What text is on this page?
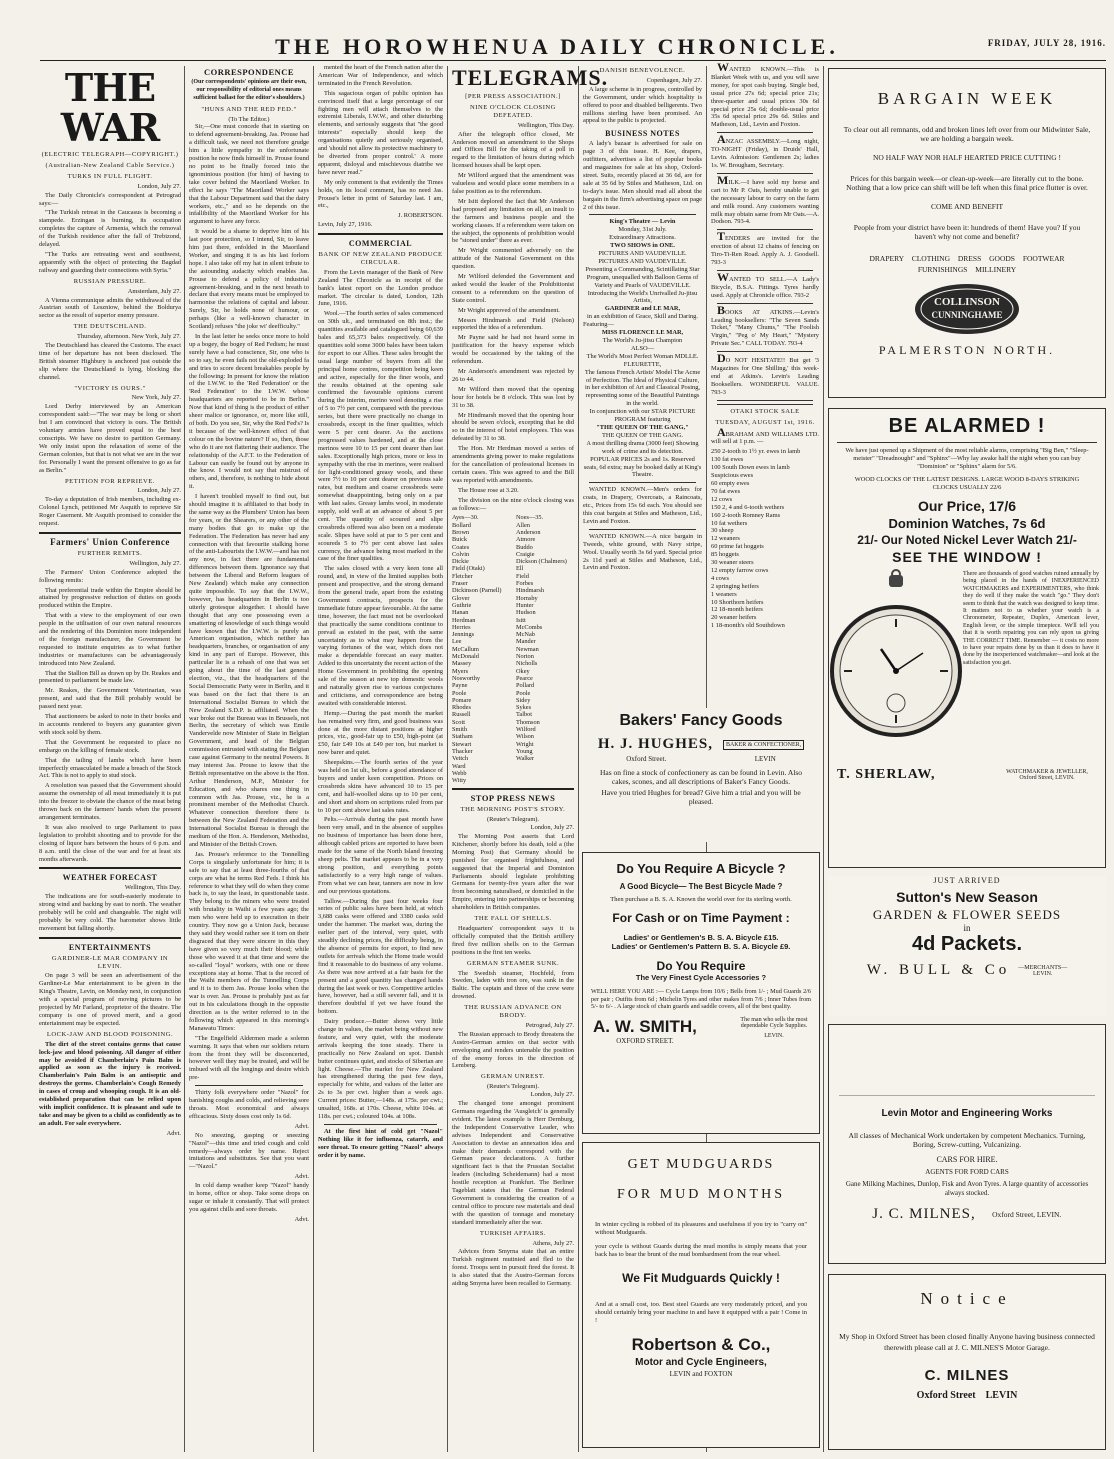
THE HOROWHENUA DAILY CHRONICLE.	FRIDAY, JULY 28, 1916.
THE WAR
(ELECTRIC TELEGRAPH—COPYRIGHT.)
(Australian-New Zealand Cable Service.)
TURKS IN FULL FLIGHT.
London, July 27.

The Daily Chronicle's correspondent at Petrograd says:—

"The Turkish retreat in the Caucasus is becoming a stampede. Erzingan is burning, its occupation completes the capture of Armenia, which the removal of the Turkish residence after the fall of Trebizond, delayed.

"The Turks are retreating west and southwest, apparently with the object of protecting the Bagdad railway and guarding their connections with Syria."

RUSSIAN PRESSURE.
Amsterdam, July 27.

A Vienna communique admits the withdrawal of the Austrian south of Leszniow, behind the Boldurya sector as the result of superior enemy pressure.

THE DEUTSCHLAND.
Thursday, afternoon. New York, July 27.

The Deutschland has cleared the Customs. The exact time of her departure has not been disclosed. The British steamer Highbury is anchored just outside the slip where the Deutschland is lying, blocking the channel.

"VICTORY IS OURS."
New York, July 27.

Lord Derby interviewed by an American correspondent said:—"The war may be long or short but I am convinced that victory is ours. The British voluntary armies have proved equal to the best conscripts. We have no desire to partition Germany. We only insist upon the relaxation of some of the German colonies, but that is not what we are in the war for. Personally I want the present offensive to go as far as Berlin."

PETITION FOR REPRIEVE.
London, July 27.

To-day a deputation of Irish members, including ex-Colonel Lynch, petitioned Mr Asquith to reprieve Sir Roger Casement. Mr Asquith promised to consider the request.

Farmers' Union Conference
FURTHER REMITS.
Wellington, July 27.

The Farmers' Union Conference adopted the following remits:

That preferential trade within the Empire should be attained by progressive reduction of duties on goods produced within the Empire.

That with a view to the employment of our own people in the utilisation of our own natural resources and the rendering of this Dominion more independent of the foreign manufacturer, the Government be requested to institute enquiries as to what further industries or manufactures can be advantageously introduced into New Zealand.

That the Stallion Bill as drawn up by Dr. Reakes and presented to parliament be made law.

Mr. Reakes, the Government Veterinarian, was present, and said that the Bill probably would be passed next year.

That auctioneers be asked to note in their books and in accounts rendered to buyers any guarantee given with stock sold by them.

That the Government be requested to place no embargo on the killing of female stock.

That the tailing of lambs which have been imperfectly emasculated be made a breach of the Stock Act. This is not to apply to stud stock.

A resolution was passed that the Government should assume the ownership of all meat immediately it is put into the freezer to obviate the chance of the meat being thrown back on the farmers' hands when the present arrangement terminates.

It was also resolved to urge Parliament to pass legislation to prohibit shooting and to provide for the closing of liquor bars between the hours of 6 p.m. and 8 a.m. until the close of the war and for at least six months afterwards.

WEATHER FORECAST
Wellington, This Day.

The indications are for south-easterly moderate to strong wind and backing by east to north. The weather probably will be cold and changeable. The night will probably be very cold. The barometer shows little movement but falling shortly.

ENTERTAINMENTS
GARDINER-LE MAR COMPANY IN LEVIN.

On page 3 will be seen an advertisement of the Gardiner-Le Mar entertainment to be given in the King's Theatre, Levin, on Monday next, in conjunction with a special program of moving pictures to be projected by Mr Farland, proprietor of the theatre. The company is one of proved merit, and a good entertainment may be expected.

LOCK-JAW AND BLOOD POISONING.

The dirt of the street contains germs that cause lock-jaw and blood poisoning. All danger of either may be avoided if Chamberlain's Pain Balm is applied as soon as the injury is received. Chamberlain's Pain Balm is an antiseptic and destroys the germs. Chamberlain's Cough Remedy in cases of croup and whooping cough. It is an old-established preparation that can be relied upon with implicit confidence. It is pleasant and safe to take and may be given to a child as confidently as to an adult. For sale everywhere.

Advt.
CORRESPONDENCE
(Our correspondents' opinions are their own, our responsibility of editorial ones means sufficient ballast for the editor's shoulders.)
"HUNS AND THE RED FED."
(To The Editor.)

Sir,—One must concede that in starting on to defend agreement-breaking, Jas. Prouse had a difficult task, we need not therefore grudge him a little sympathy in the unfortunate position he now finds himself in. Prouse found no point to be finally forced into the ignominious position (for him) of having to take cover behind the Maoriland Worker. In effect he says "The Maoriland Worker says that the Labour Department said that the dairy workers, etc.," and so he depends on the infallibility of the Maoriland Worker for his argument to have any force.

It would be a shame to deprive him of his last poor protection, so I intend, Sir, to leave him just there, enfolded in the Maoriland Worker, and singing it is as his last forlorn hope. I also take off my hat in silent tribute to the astounding audacity which enables Jas. Prouse to defend a policy of industrial agreement-breaking, and in the next breath to declare that every means must be employed to harmonise the relations of capital and labour. Surely, Sir, he holds none of humour, or perhaps (like a well-known character in Scotland) refuses "the joke wi' deefficulty."

In the last letter he seeks once more to hold up a bogey, the bogey of Red Fedism; he must surely have a bad conscience, Sir, one who is so to say, he even fails not the old-exploded fa and tries to score decent breakables people by the following: In present for know the relation of the I.W.W. to the 'Red Federation' or the 'Red Federation' to the I.W.W. whose headquarters are reported to be in Berlin." Now that kind of thing is the product of either sheer malice or ignorance, or, more like still, of both. Do you see, Sir, why the Red Fed's? Is it because of the well-known effect of that colour on the bovine nature? If so, then, those who do it are not flattering their audience. The relationship of the A.F.T. to the Federation of Labour can easily be found out by anyone in the know. I would not say that mistrust of others, and, therefore, is nothing to hide about it.

I haven't troubled myself to find out, but should imagine it is affiliated to that body in the same way as the Plumbers' Union has been for years, or the Shearers, or any other of the many bodies that go to make up the Federation. The Federation has never had any connection with that favourite stalking horse of the anti-Labourists the I.W.W.—and has not any now, in fact there are fundamental differences between them. Ignorance say that between the Liberal and Reform leagues of New Zealand) which make any connection quite impossible. To say that the I.W.W., however, has headquarters in Berlin is too utterly grotesque altogether. I should have thought that any one possessing even a smattering of knowledge of such things would have known that the I.W.W. is purely an American organisation, which neither has headquarters, branches, or organisation of any kind in any part of Europe. However, this particular lie is a rehash of one that was set going about the time of the last general election, viz., that the headquarters of the Social Democratic Party were in Berlin, and it was based on the fact that there is an International Socialist Bureau to which the New Zealand S.D.P. is affiliated. When the war broke out the Bureau was in Brussels, not Berlin, the secretary of which was Emile Vandervelde now Minister of State in Belgian Government, and head of the Belgian commission entrusted with stating the Belgian case against Germany to the neutral Powers. It may interest Jas. Prouse to know that the British representative on the above is the Hon. Arthur Henderson, M.P., Minister for Education, and who shares one thing in common with Jas. Prouse, viz., he is a prominent member of the Methodist Church. Whatever connection therefore there is between the New Zealand Federation and the International Socialist Bureau is through the medium of the Hon. A. Henderson, Methodist, and Minister of the British Crown.

Jas. Prouse's reference to the Tonnelling Corps is singularly unfortunate for him; it is safe to say that at least three-fourths of that corps are what he terms Red Feds. I think his reference to what they will do when they come back is, to say the least, in questionable taste. They belong to the miners who were treated with brutality in Waihi a few years ago; the men who were held up to execration in their country. They now go a Union Jack, because they said they would rather see it torn on their disgraced that they were sincere in this they have given so very much their blood; while those who waved it at that time and were the so-called "loyal" workers, with one or three exceptions stay at home. That is the record of the Waihi members of the Tunnelling Corps and it is to them Jas. Prouse looks when the war is over. Jas. Prouse is probably just as far out in his calculations though in the opposite direction as is the writer referred to in the following which appeared in this morning's Manawatu Times:

"The Engelfield Aldermen made a solemn warning. It says that when our soldiers return from the front they will be disconcerted, however well they may be treated, and will be imbued with all the longings and desire which pre-

Thirty folk everywhere order "Nazol" for banishing coughs and colds, and relieving sore throats. Most economical and always efficacious. Sixty doses cost only 1s 6d.

Advt.

No sneezing, gasping or sneezing "Nazol"—this time and tried cough and cold remedy—always order by name. Reject imitations and substitutes. See that you want—"Nazol."

Advt.

In cold damp weather keep "Nazol" handy in home, office or shop. Take some drops on sugar or inhale it constantly. That will protect you against chills and sore throats.

Advt.

mented the heart of the French nation after the American War of Independence, and which terminated in the French Revolution.

This sagacious organ of public opinion has convinced itself that a large percentage of our fighting men will attach themselves to the extremist Liberals, I.W.W., and other disturbing elements, and seriously suggests that "the good interests" especially should keep the organisations quietly and seriously organised, and 'should not allow its protective machinery to be diverted from proper control.' A more apparent, disloyal and mischievous diatribe we have never read."

My only comment is that evidently the Times holds, on its local comment, has no need Jas. Prouse's letter in print of Saturday last. I am, etc.,

J. ROBERTSON.
Levin, July 27, 1916.
COMMERCIAL
BANK OF NEW ZEALAND PRODUCE CIRCULAR.

From the Levin manager of the Bank of New Zealand The Chronicle as in receipt of the bank's latest report on the London produce market. The circular is dated, London, 12th June, 1916.

Wool.—The fourth series of sales commenced on 30th ult., and terminated on 8th inst.; the quantities available and catalogued being 60,639 bales and 65,373 bales respectively. Of the quantities sold some 3000 bales have been taken for export to our Allies. These sales brought the usual large number of buyers from all the principal home centres, competition being keen and active, especially for the finer wools, and the results obtained at the opening sale confirmed the favourable opinions current during the interim, merino wool denoting a rise of 5 to 7½ per cent, compared with the previous series, but there were practically no change in crossbreds, except in the finer qualities, which were 5 per cent dearer. As the auctions progressed values hardened, and at the close merinos were 10 to 15 per cent dearer than last sales. Exceptionally high prices, more or less in sympathy with the rise in merinos, were realised for light-conditioned greasy wools, and these were 7½ to 10 per cent dearer on previous sale rates, but medium and coarse crossbreds were somewhat disappointing, being only on a par with last sales. Greasy lambs wool, in moderate supply, sold well at an advance of about 5 per cent. The quantity of scoured and slipe crossbreds offered was also been on a moderate scale. Slipes have sold at par to 5 per cent and scoureds 5 to 7½ per cent above last sales currency, the advance being most marked in the case of the finer qualities.

The sales closed with a very keen tone all round, and, in view of the limited supplies both present and prospective, and the strong demand from the general trade, apart from the existing Government contracts, prospects for the immediate future appear favourable. At the same time, however, the fact must not be overlooked that practically the same conditions continue to prevail as existed in the past, with the same uncertainty as to what may happen from the varying fortunes of the war, which does not make a dependable forecast an easy matter. Added to this uncertainty the recent action of the Home Government in prohibiting the opening sale of the season at new top domestic wools and naturally given rise to various conjectures and criticisms, and correspondence are being awaited with considerable interest.

Hemp.—During the past month the market has remained very firm, and good business was done at the more distant positions at higher prices, viz., good-fair up to £50, high-point (at £50, fair £49 10s at £49 per ton, but market is now barer and quiet.

Sheepskins.—The fourth series of the year was held on 1st ult., before a good attendance of buyers and under keen competition. Prices on crossbreds skins have advanced 10 to 15 per cent, and half-woolled skins up to 10 per cent, and short and shorn on scriptions ruled from par to 10 per cent above last sales rates.

Pelts.—Arrivals during the past month have been very small, and in the absence of supplies no business of importance has been done here, although cabled prices are reported to have been made for the same of the North Island freezing sheep pelts. The market appears to be in a very strong position, and everything points satisfactorily to a very high range of values. From what we can hear, tanners are now in low and our previous quotations.

Tallow.—During the past four weeks four series of public sales have been held, at which 3,688 casks were offered and 3380 casks sold under the hammer. The market was, during the earlier part of the interval, very quiet, with steadily declining prices, the difficulty being, in the absence of permits for export, to find new outlets for arrivals which the Home trade would find it reasonable to do business of any volume. As there was now arrived at a fair basis for the present and a good quantity has changed hands during the last week or two. Competitive articles have, however, had a still severer fall, and it is therefore doubtful if yet we have found the bottom.

Dairy produce.—Butter shows very little change in values, the market being without new feature, and very quiet, with the moderate arrivals keeping the tone steady. There is practically no New Zealand on spot. Danish butter continues quiet, and stocks of Siberian are light. Cheese.—The market for New Zealand has strengthened during the past few days, especially for white, and values of the latter are 2s to 3s per cwt. higher than a week ago. Current prices: Butter,—148s. at 175s. per cwt.; unsalted, 168s. at 170s. Cheese, white 104s. at 118s. per cwt.; coloured 104s. at 108s.

At the first hint of cold get "Nazol" Nothing like it for influenza, catarrh, and sore throat. To ensure getting "Nazol" always order it by name.

TELEGRAMS.
[PER PRESS ASSOCIATION.]
NINE O'CLOCK CLOSING DEFEATED.
Wellington, This Day.

After the telegraph office closed, Mr Anderson moved an amendment to the Shops and Offices Bill for the taking of a poll in regard to the limitation of hours during which licensed houses shall be kept open.

Mr Wilford argued that the amendment was valueless and would place some members in a false position as to the referendum.

Mr Isitt deplored the fact that Mr Anderson had proposed any limitation on all, an insult to the farmers and business people and the working classes. If a referendum were taken on the subject, the opponents of prohibition would be "stoned under" there as ever.

Mr Wright commented adversely on the attitude of the National Government on this question.

Mr Wilford defended the Government and asked would the leader of the Prohibitionist consent to a referendum on the question of State control.

Mr Wright approved of the amendment.

Messrs Hindmarsh and Field (Nelson) supported the idea of a referendum.

Mr Payne said he had not heard some in justification for the heavy expense which would be occasioned by the taking of the referendum.

Mr Anderson's amendment was rejected by 26 to 44.

Mr Wilford then moved that the opening hour for hotels be 8 o'clock. This was lost by 31 to 38.

Mr Hindmarsh moved that the opening hour should be seven o'clock, excepting that he did so in the interest of hotel employees. This was defeated by 31 to 38.

The Hon. Mr Herdman moved a series of amendments giving power to make regulations for the cancellation of professional licenses in certain cases. This was agreed to and the Bill was reported with amendments.

The House rose at 3.20.

The division on the nine o'clock closing was as follows:—

Ayes—30.
Bollard
Brown
Buick
Coates
Colvin
Dickie
Field (Otaki)
Fletcher
Fraser
Dickinson (Parnell)
Glover
Guthrie
Hanan
Herdman
Herries
Jennings
Lee
McCallum
McDonald
Massey
Myers
Nosworthy
Payne
Poole
Pomare
Rhodes
Russell
Scott
Smith
Statham
Stewart
Thacker
Veitch
Ward
Webb
Witty
Noes—35.
Allen
Anderson
Atmore
Buddo
Craigie
Dickson (Chalmers)
Ell
Field
Forbes
Hindmarsh
Hornsby
Hunter
Hudson
Isitt
McCombs
McNab
Mander
Newman
Norton
Nicholls
Okey
Pearce
Pollard
Poole
Sidey
Sykes
Talbot
Thomson
Wilford
Wilson
Wright
Young
Walker
STOP PRESS NEWS
THE MORNING POST'S STORY.
(Reuter's Telegram).
London, July 27.

The Morning Post asserts that Lord Kitchener, shortly before his death, told a (the Morning Post) that Germany should be punished for organised frightfulness, and suggested that the Imperial and Dominion Parliaments should legislate prohibiting Germans for twenty-five years after the war from becoming naturalised, or domiciled in the Empire, entering into partnerships or becoming shareholders in British companies.

THE FALL OF SHELLS.

Headquarters' correspondent says it is officially computed that the British artillery fired five million shells on to the German positions in the first ten weeks.

GERMAN STEAMER SUNK.

The Swedish steamer, Hochfeld, from Sweden, laden with iron ore, was sunk in the Baltic. The captain and three of the crew were drowned.

THE RUSSIAN ADVANCE ON BRODY.
Petrograd, July 27.

The Russian approach to Brody threatens the Austro-German armies on that sector with enveloping and renders untenable the position of the enemy forces in the direction of Lemberg.

GERMAN UNREST.
(Reuter's Telegram).
London, July 27.

The changed tone amongst prominent Germans regarding the 'Ausgleich' is generally evident. The latest example is Herr Dernburg, the Independent Conservative Leader, who advises Independent and Conservative Association to devise an annexation idea and make their demands correspond with the German peace declarations. A further significant fact is that the Prussian Socialist leaders (including Scheidemann) had a most hostile reception at Frankfurt. The Berliner Tageblatt states that the German Federal Government is considering the creation of a central office to procure raw materials and deal with the question of tonnage and monetary standard immediately after the war.

TURKISH AFFAIRS.
Athens, July 27.

Advices from Smyrna state that an entire Turkish regiment mutinied and fled to the forest. Troops sent in pursuit fired the forest. It is also stated that the Austro-German forces aiding Smyrna have been recalled to Germany.

DANISH BENEVOLENCE.
Copenhagen, July 27.

A large scheme is in progress, controlled by the Government, under which hospitality is offered to poor and disabled belligerents. Two millions sterling have been promised. An appeal to the public is projected.

BUSINESS NOTES

A lady's bazaar is advertised for sale on page 3 of this issue. H. Kee, drapers, outfitters, advertises a list of popular books and magazines for sale at his shop, Oxford-street. Suits, recently placed at 36 6d, are for sale at 35 6d by Stiles and Matheson, Ltd. on to-day's issue. Men should read all about the bargain in the firm's advertising space on page 2 of this issue.

King's Theatre — Levin
Monday, 31st July.
Extraordinary Attractions.
TWO SHOWS in ONE.
PICTURES AND VAUDEVILLE.
PICTURES AND VAUDEVILLE.
Presenting a Commanding, Scintillating Star Program, unequalled with Balloon Gems of Variety and Pearls of VAUDEVILLE.
Introducing the World's Unrivalled Ju-jitsu Artists,
GARDINER and LE MAR,
in an exhibition of Grace, Skill and Daring.
Featuring—
MISS FLORENCE LE MAR,
The World's Ju-jitsu Champion
ALSO—
The World's Most Perfect Woman MDLLE. FLEURETTE,
The famous French Artists' Model The Acme of Perfection. The Ideal of Physical Culture, in her exhibition of Art and Classical Posing, representing some of the Beautiful Paintings in the world.
In conjunction with our STAR PICTURE PROGRAM featuring
"THE QUEEN OF THE GANG,"
THE QUEEN OF THE GANG.
A most thrilling drama (3000 feet) Showing work of crime and its detection.
POPULAR PRICES 2s and 1s. Reserved seats, 6d extra; may be booked daily at King's Theatre.

WANTED KNOWN.—Men's orders for coats, in Drapery, Overcoats, a Raincoats, etc., Prices from 15s 6d each. You should see this coat bargain at Stiles and Matheson, Ltd., Levin and Foxton.

WANTED KNOWN.—A nice bargain in Tweeds, white ground, with Navy stripe, Wool. Usually worth 3s 6d yard. Special price 2s 11d yard at Stiles and Matheson, Ltd., Levin and Foxton.

WANTED KNOWN.—This is Blanket Week with us, and you will save money, for spot cash buying. Single bed, usual price 27s 6d; special price 21s; three-quarter and usual prices 30s 6d special price 25s 6d; double-usual price 35s 6d special price 29s 6d. Stiles and Matheson, Ltd., Levin and Foxton.

ANZAC ASSEMBLY.—Long night, TO-NIGHT (Friday), in Druids' Hall, Levin. Admission: Gentlemen 2s; ladies 1s. W. Brougham, Secretary.

MILK.—I have sold my horse and cart to Mr P. Oats, hereby unable to get the necessary labour to carry on the farm and milk round. Any customers wanting milk may obtain same from Mr Oats.—A. Dodson. 793-4.

TENDERS are invited for the erection of about 12 chains of fencing on Tiro-Ti-Ren Road. Apply A. J. Goodsell. 793-3

WANTED TO SELL.—A Lady's Bicycle, B.S.A. Fittings. Tyres hardly used. Apply at Chronicle office. 793-2

BOOKS AT ATKINS.—Levin's Leading booksellers: "The Seven Sands Ticket," "Many Chums," "The Foolish Virgin," "Peg o' My Heart," "Mystery Private Sec." CALL TODAY. 793-4

DO NOT HESITATE!! But get '3 Magazines for One Shilling,' this week-end at Atkins's. Levin's Leading Booksellers. WONDERFUL VALUE. 793-3

OTAKI STOCK SALE
TUESDAY, AUGUST 1st, 1916.

ABRAHAM AND WILLIAMS LTD. will sell at 1 p.m. —

250 2-tooth to 1½ yr. ewes in lamb
130 fat ewes
100 South Down ewes in lamb
Suspicious ewes
60 empty ewes
70 fat ewes
12 cows
150 2, 4 and 6-tooth wethers
160 2-tooth Romney Rams
10 fat wethers
30 sheep
12 weaners
60 prime fat hoggets
85 hoggets
30 weaner steers
12 empty farrow cows
4 cows
2 springing heifers
1 weaners
10 Shorthorn heifers
12 18-month heifers
20 weaner heifers
1 18-month's old Southdown
Bakers' Fancy Goods
H. J. HUGHES,	BAKER & CONFECTIONER,
Oxford Street.	LEVIN
Has on fine a stock of confectionery as can be found in Levin. Also cakes, scones, and all descriptions of Baker's Fancy Goods.
Have you tried Hughes for bread? Give him a trial and you will be pleased.
Do You Require A Bicycle ?
A Good Bicycle— The Best Bicycle Made ?
Then purchase a B. S. A. Known the world over for its sterling worth.
For Cash or on Time Payment :
Ladies' or Gentlemen's B. S. A. Bicycle £15.
Ladies' or Gentlemen's Pattern B. S. A. Bicycle £9.
Do You Require
The Very Finest Cycle Accessories ?
WELL HERE YOU ARE :— Cycle Lamps from 10/6 ; Bells from 1/- ; Mud Guards 2/6 per pair ; Outfits from 6d ; Michelin Tyres and other makes from 7/6 ; Inner Tubes from 5/- to 6/- . A large stock of chain guards and saddle covers, all of the best quality.
A. W. SMITH,
OXFORD STREET.
The man who sells the most dependable Cycle Supplies.
LEVIN.
GET MUDGUARDS
FOR MUD MONTHS
In winter cycling is robbed of its pleasures and usefulness if you try to "carry on" without Mudguards.
your cycle is without Guards during the mud months is simply means that your back has to bear the brunt of the mud bombardment from the rear wheel.
We Fit Mudguards Quickly !
And at a small cost, too. Best steel Guards are very moderately priced, and you should certainly bring your machine in and have it equipped with a pair ! Come in !
Robertson & Co.,
Motor and Cycle Engineers,
LEVIN and FOXTON
BARGAIN WEEK
To clear out all remnants, odd and broken lines left over from our Midwinter Sale, we are holding a bargain week.
NO HALF WAY NOR HALF HEARTED PRICE CUTTING !
Prices for this bargain week—or clean-up-week—are literally cut to the bone. Nothing that a low price can shift will be left when this final price flutter is over.
COME AND BENEFIT
People from your district have been it: hundreds of them! Have you? If you haven't why not come and benefit?
DRAPERY CLOTHING DRESS GOODS FOOTWEAR FURNISHINGS MILLINERY
COLLINSON
CUNNINGHAME
PALMERSTON NORTH.
BE ALARMED !
We have just opened up a Shipment of the most reliable alarms, comprising "Big Ben," "Sleep-meister" "Dreadnought" and "Sphinx"—Why lay awake half the night when you can buy "Dominion" or "Sphinx" alarm for 5/6.
WOOD CLOCKS OF THE LATEST DESIGNS. LARGE WOOD 8-DAYS STRIKING CLOCKS USUALLY 22/6
Our Price, 17/6
Dominion Watches, 7s 6d
21/- Our Noted Nickel Lever Watch 21/-
SEE THE WINDOW !
There are thousands of good watches ruined annually by being placed in the hands of INEXPERIENCED WATCHMAKERS and EXPERIMENTERS, who think they do well if they make the watch "go." They don't seem to think that the watch was designed to keep time. It matters not to us whether your watch is a Chronometer, Repeater, Duplex, American lever, English lever, or the simple timepiece. We'll tell you that it is worth repairing you can rely upon us giving THE CORRECT TIME. Remember — it costs no more to have your repairs done by us than it does to have it done by the inexperienced watchmaker—and look at the satisfaction you get.
T. SHERLAW,	WATCHMAKER & JEWELLER, Oxford Street, LEVIN.
JUST ARRIVED
Sutton's New Season
GARDEN & FLOWER SEEDS
in
4d Packets.
W. BULL & Co —MERCHANTS—
LEVIN.
Levin Motor and Engineering Works
All classes of Mechanical Work undertaken by competent Mechanics. Turning, Boring, Screw-cutting, Vulcanizing.
CARS FOR HIRE.
AGENTS FOR FORD CARS
Gane Milking Machines, Dunlop, Fisk and Avon Tyres. A large quantity of accessories always stocked.
J. C. MILNES, Oxford Street, LEVIN.
Notice
My Shop in Oxford Street has been closed finally Anyone having business connected therewith please call at J. C. MILNES'S Motor Garage.
C. MILNES
Oxford Street    LEVIN
